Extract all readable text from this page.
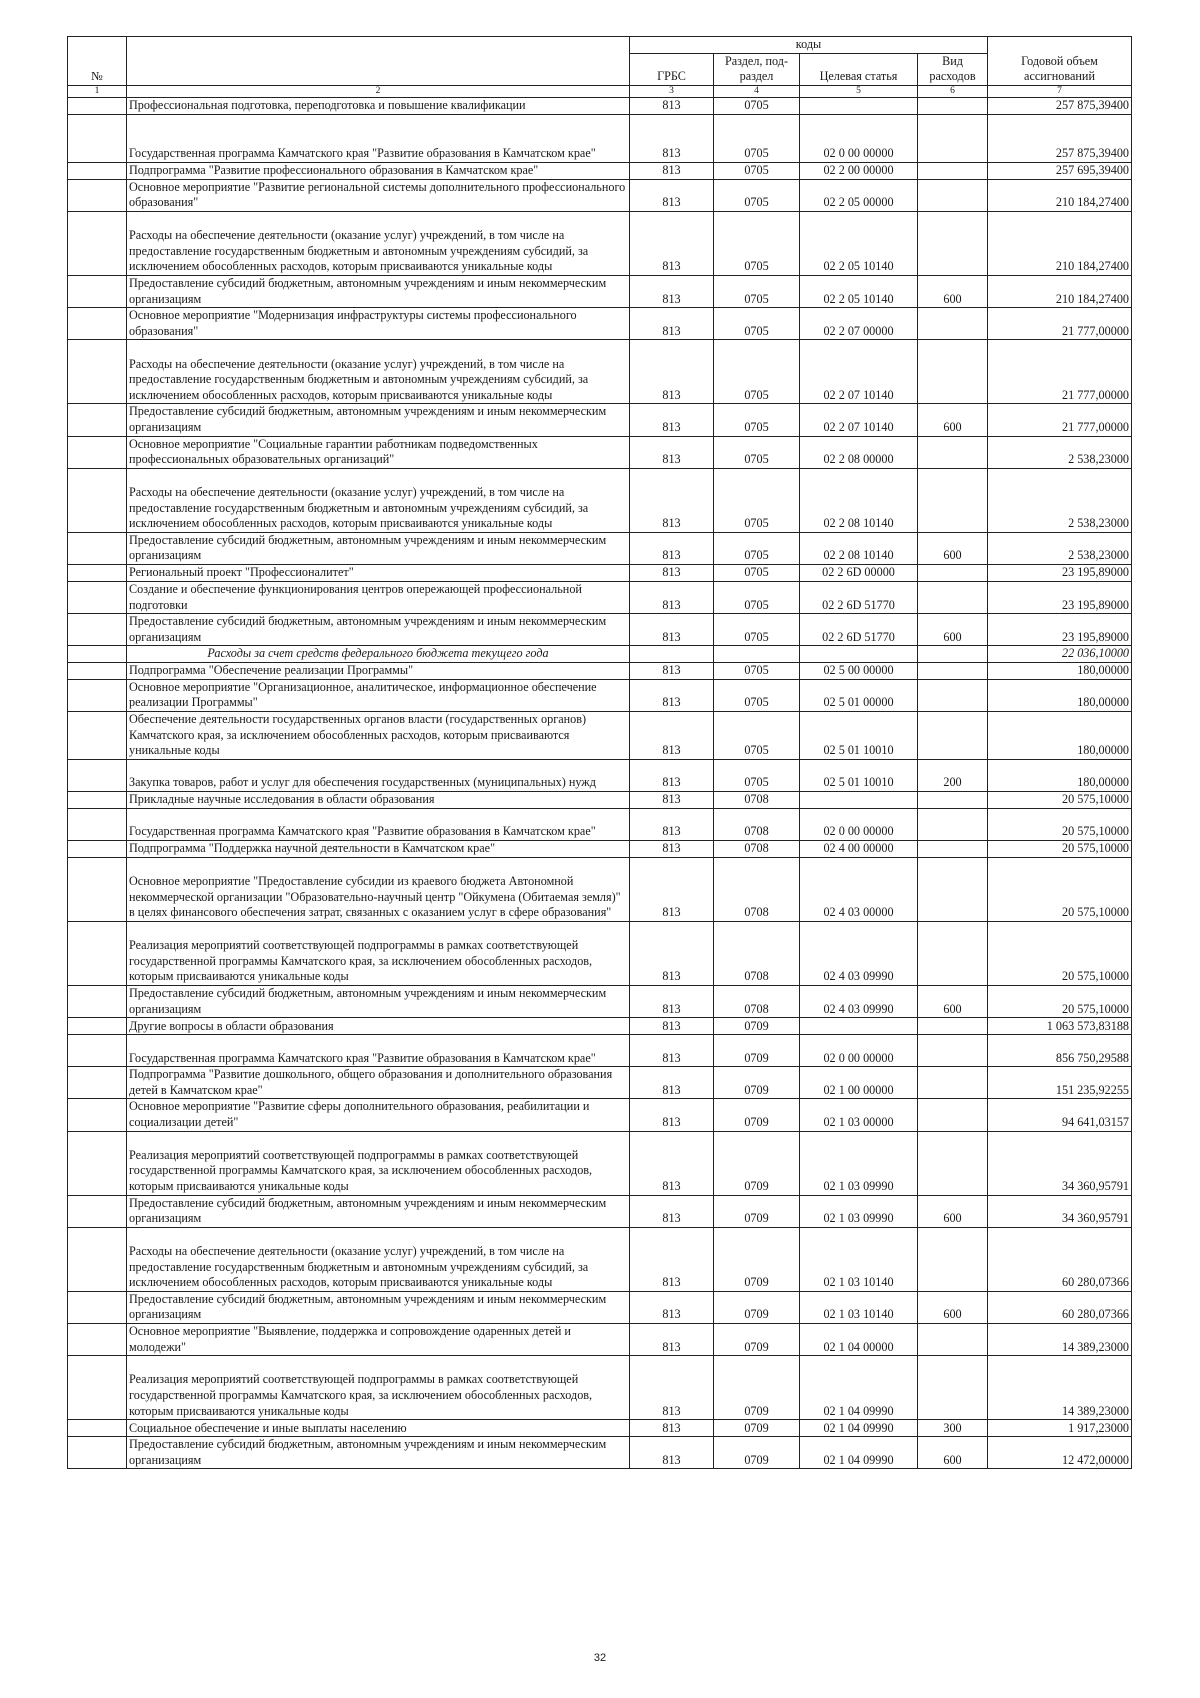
№		коды				Годовой объем ассигнований
		ГРБС	Раздел, под-раздел	Целевая статья	Вид расходов	
1	2	3	4	5	6	7
	Профессиональная подготовка, переподготовка и повышение квалификации	813	0705			257 875,39400
	Государственная программа Камчатского края "Развитие образования в Камчатском крае"	813	0705	02 0 00 00000		257 875,39400
	Подпрограмма "Развитие профессионального образования в Камчатском крае"	813	0705	02 2 00 00000		257 695,39400
	Основное мероприятие "Развитие региональной системы дополнительного профессионального образования"	813	0705	02 2 05 00000		210 184,27400
	Расходы на обеспечение деятельности (оказание услуг) учреждений, в том числе на предоставление государственным бюджетным и автономным учреждениям субсидий, за исключением обособленных расходов, которым присваиваются уникальные коды	813	0705	02 2 05 10140		210 184,27400
	Предоставление субсидий бюджетным, автономным учреждениям и иным некоммерческим организациям	813	0705	02 2 05 10140	600	210 184,27400
	Основное мероприятие "Модернизация инфраструктуры системы профессионального образования"	813	0705	02 2 07 00000		21 777,00000
	Расходы на обеспечение деятельности (оказание услуг) учреждений, в том числе на предоставление государственным бюджетным и автономным учреждениям субсидий, за исключением обособленных расходов, которым присваиваются уникальные коды	813	0705	02 2 07 10140		21 777,00000
	Предоставление субсидий бюджетным, автономным учреждениям и иным некоммерческим организациям	813	0705	02 2 07 10140	600	21 777,00000
	Основное мероприятие "Социальные гарантии работникам подведомственных профессиональных образовательных организаций"	813	0705	02 2 08 00000		2 538,23000
	Расходы на обеспечение деятельности (оказание услуг) учреждений, в том числе на предоставление государственным бюджетным и автономным учреждениям субсидий, за исключением обособленных расходов, которым присваиваются уникальные коды	813	0705	02 2 08 10140		2 538,23000
	Предоставление субсидий бюджетным, автономным учреждениям и иным некоммерческим организациям	813	0705	02 2 08 10140	600	2 538,23000
	Региональный проект "Профессионалитет"	813	0705	02 2 6D 00000		23 195,89000
	Создание и обеспечение функционирования центров опережающей профессиональной подготовки	813	0705	02 2 6D 51770		23 195,89000
	Предоставление субсидий бюджетным, автономным учреждениям и иным некоммерческим организациям	813	0705	02 2 6D 51770	600	23 195,89000
	Расходы за счет средств федерального бюджета текущего года					22 036,10000
	Подпрограмма "Обеспечение реализации Программы"	813	0705	02 5 00 00000		180,00000
	Основное мероприятие "Организационное, аналитическое, информационное обеспечение реализации Программы"	813	0705	02 5 01 00000		180,00000
	Обеспечение деятельности государственных органов власти (государственных органов) Камчатского края, за исключением обособленных расходов, которым присваиваются уникальные коды	813	0705	02 5 01 10010		180,00000
	Закупка товаров, работ и услуг для обеспечения государственных (муниципальных) нужд	813	0705	02 5 01 10010	200	180,00000
	Прикладные научные исследования в области образования	813	0708			20 575,10000
	Государственная программа Камчатского края "Развитие образования в Камчатском крае"	813	0708	02 0 00 00000		20 575,10000
	Подпрограмма "Поддержка научной деятельности в Камчатском крае"	813	0708	02 4 00 00000		20 575,10000
	Основное мероприятие "Предоставление субсидии из краевого бюджета Автономной некоммерческой организации "Образовательно-научный центр "Ойкумена (Обитаемая земля)" в целях финансового обеспечения затрат, связанных с оказанием услуг в сфере образования"	813	0708	02 4 03 00000		20 575,10000
	Реализация мероприятий соответствующей подпрограммы в рамках соответствующей государственной программы Камчатского края, за исключением обособленных расходов, которым присваиваются уникальные коды	813	0708	02 4 03 09990		20 575,10000
	Предоставление субсидий бюджетным, автономным учреждениям и иным некоммерческим организациям	813	0708	02 4 03 09990	600	20 575,10000
	Другие вопросы в области образования	813	0709			1 063 573,83188
	Государственная программа Камчатского края "Развитие образования в Камчатском крае"	813	0709	02 0 00 00000		856 750,29588
	Подпрограмма "Развитие дошкольного, общего образования и дополнительного образования детей в Камчатском крае"	813	0709	02 1 00 00000		151 235,92255
	Основное мероприятие "Развитие сферы дополнительного образования, реабилитации и социализации детей"	813	0709	02 1 03 00000		94 641,03157
	Реализация мероприятий соответствующей подпрограммы в рамках соответствующей государственной программы Камчатского края, за исключением обособленных расходов, которым присваиваются уникальные коды	813	0709	02 1 03 09990		34 360,95791
	Предоставление субсидий бюджетным, автономным учреждениям и иным некоммерческим организациям	813	0709	02 1 03 09990	600	34 360,95791
	Расходы на обеспечение деятельности (оказание услуг) учреждений, в том числе на предоставление государственным бюджетным и автономным учреждениям субсидий, за исключением обособленных расходов, которым присваиваются уникальные коды	813	0709	02 1 03 10140		60 280,07366
	Предоставление субсидий бюджетным, автономным учреждениям и иным некоммерческим организациям	813	0709	02 1 03 10140	600	60 280,07366
	Основное мероприятие "Выявление, поддержка и сопровождение одаренных детей и молодежи"	813	0709	02 1 04 00000		14 389,23000
	Реализация мероприятий соответствующей подпрограммы в рамках соответствующей государственной программы Камчатского края, за исключением обособленных расходов, которым присваиваются уникальные коды	813	0709	02 1 04 09990		14 389,23000
	Социальное обеспечение и иные выплаты населению	813	0709	02 1 04 09990	300	1 917,23000
	Предоставление субсидий бюджетным, автономным учреждениям и иным некоммерческим организациям	813	0709	02 1 04 09990	600	12 472,00000
32
